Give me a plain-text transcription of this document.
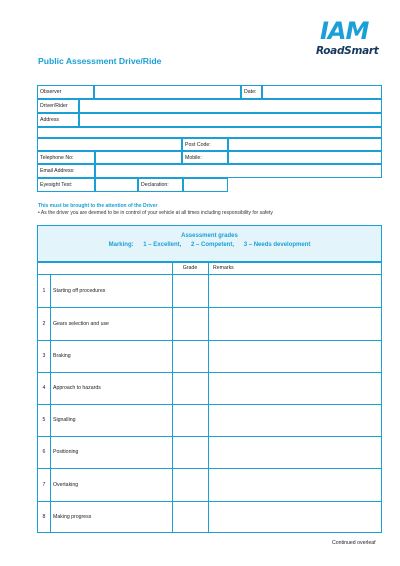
IAM
RoadSmart
Public Assessment Drive/Ride
Observer	Date:
Driver/Rider
Address
Post Code:
Telephone No:	Mobile:
Email Address:
Eyesight Test:	Declaration:
This must be brought to the attention of the Driver
• As the driver you are deemed to be in control of your vehicle at all times including responsibility for safety
Assessment grades
Marking: 1 – Excellent, 2 – Competent, 3 – Needs development
Grade	Remarks
1	Starting off procedures
2	Gears selection and use
3	Braking
4	Approach to hazards
5	Signalling
6	Positioning
7	Overtaking
8	Making progress
Continued overleaf
